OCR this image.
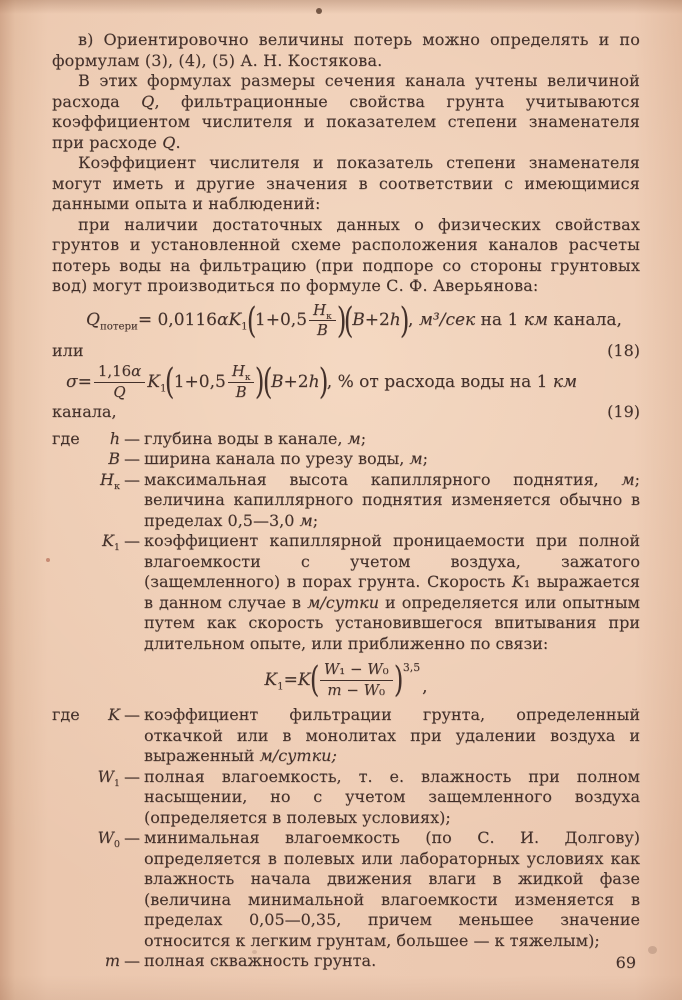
в) Ориентировочно величины потерь можно определять и по формулам (3), (4), (5) А. Н. Костякова.

В этих формулах размеры сечения канала учтены величиной расхода Q, фильтрационные свойства грунта учитываются коэффициентом числителя и показателем степени знаменателя при расходе Q.

Коэффициент числителя и показатель степени знаменателя могут иметь и другие значения в соответствии с имеющимися данными опыта и наблюдений:

при наличии достаточных данных о физических свойствах грунтов и установленной схеме расположения каналов расчеты потерь воды на фильтрацию (при подпоре со стороны грунтовых вод) могут производиться по формуле С. Ф. Аверьянова:

$Q_{потери} = 0,0116$ α $K_1$
(
$1+0,5 \frac{H_к}{B}$ )
(
B+2h
)
, м³/сек на 1 км канала,
или	(18)
$\sigma = \frac{1,16\alpha}{Q} K_1$
(
$1+0,5 \frac{H_к}{B}$ )
(
B+2h
)
, % от расхода воды на 1 км
канала,	(19)
где	h — глубина воды в канале, м;
B — ширина канала по урезу воды, м;
$H_к$ — максимальная высота капиллярного поднятия, м; величина капиллярного поднятия изменяется обычно в пределах 0,5—3,0 м;
$K_1$ — коэффициент капиллярной проницаемости при полной влагоемкости с учетом воздуха, зажатого (защемленного) в порах грунта. Скорость K₁ выражается в данном случае в м/сутки и определяется или опытным путем как скорость установившегося впитывания при длительном опыте, или приближенно по связи:
$K_1 = K$
( $\frac{\text{W₁ − W₀}}{\text{m − W₀}} )^{3,5}$
,
где	K — коэффициент фильтрации грунта, определенный откачкой или в монолитах при удалении воздуха и выраженный м/сутки;
$W_1$ — полная влагоемкость, т. е. влажность при полном насыщении, но с учетом защемленного воздуха (определяется в полевых условиях);
$W_0$ — минимальная влагоемкость (по С. И. Долгову) определяется в полевых или лабораторных условиях как влажность начала движения влаги в жидкой фазе (величина минимальной влагоемкости изменяется в пределах 0,05—0,35, причем меньшее значение относится к легким грунтам, большее — к тяжелым);
m — полная скважность грунта.	69
